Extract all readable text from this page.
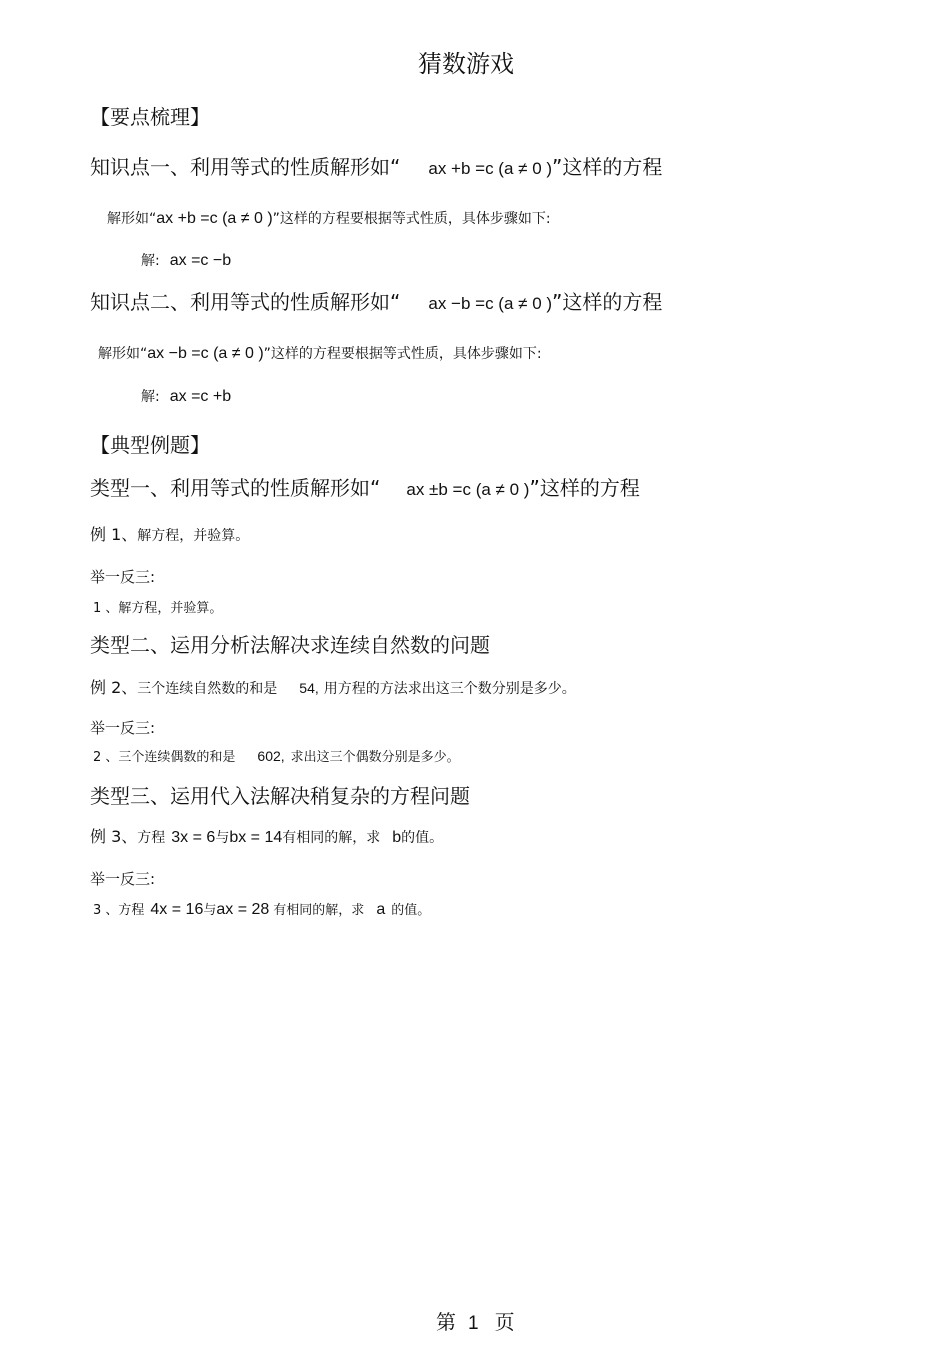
猜数游戏
【要点梳理】
知识点一、利用等式的性质解形如“ ax +b =c (a ≠ 0 )”这样的方程
解形如“ax +b =c (a ≠ 0 )”这样的方程要根据等式性质，具体步骤如下:
解: ax =c −b
知识点二、利用等式的性质解形如“ ax −b =c (a ≠ 0 )”这样的方程
解形如“ax −b =c (a ≠ 0 )”这样的方程要根据等式性质，具体步骤如下:
解: ax =c +b
【典型例题】
类型一、利用等式的性质解形如“ ax ±b =c (a ≠ 0 )”这样的方程
例 1、解方程，并验算。
举一反三:
1 、解方程，并验算。
类型二、运用分析法解决求连续自然数的问题
例 2、三个连续自然数的和是 54, 用方程的方法求出这三个数分别是多少。
举一反三:
2 、三个连续偶数的和是 602, 求出这三个偶数分别是多少。
类型三、运用代入法解决稍复杂的方程问题
例 3、方程 3x = 6与bx = 14有相同的解，求 b的值。
举一反三:
3 、方程 4x = 16与ax = 28 有相同的解，求 a 的值。
第 1 页
